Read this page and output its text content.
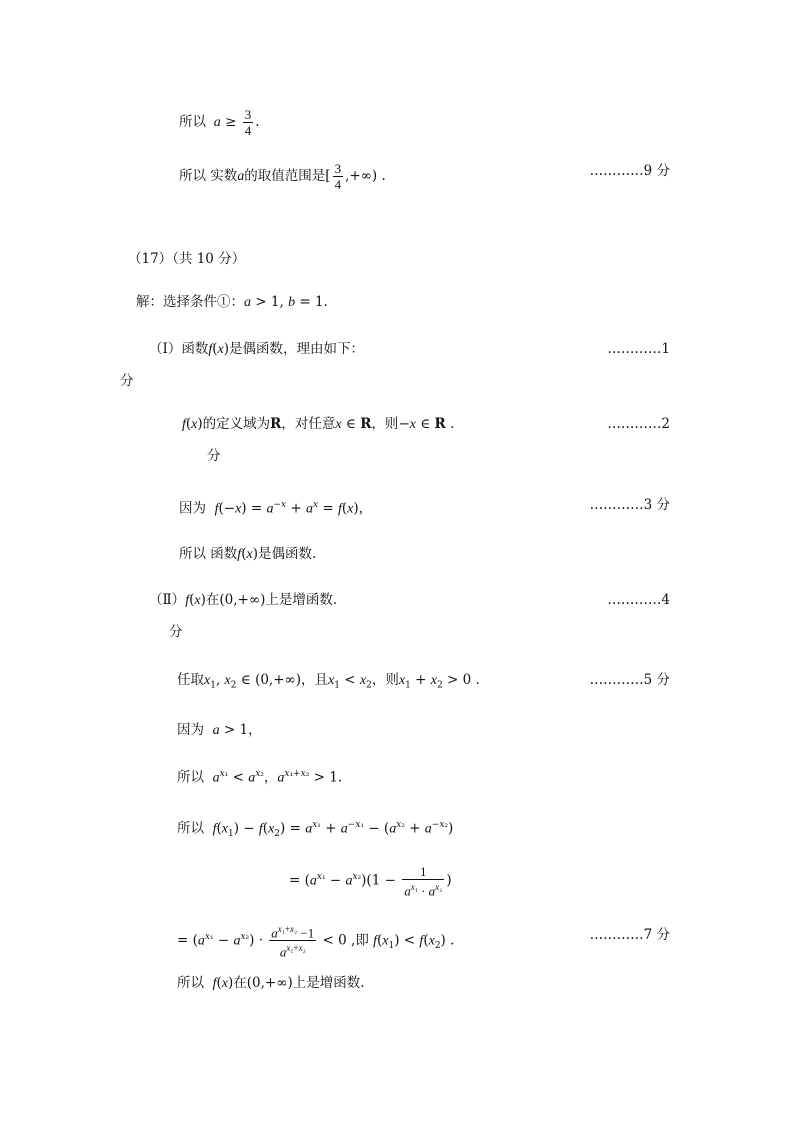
所以  $a \ge \frac{3}{4}$ .
所以 实数a的取值范围是[ $\frac{3}{4}$ ,+∞) .	…………9 分
（17）（共 10 分）
解：选择条件①：a > 1, b = 1.
（Ⅰ）函数f(x)是偶函数，理由如下：	…………1
分
f(x)的定义域为R，对任意x ∈ R，则−x ∈ R .	…………2
分
因为 $f(-x) = a^{-x} + a^x = f(x)$，	…………3 分
所以 函数f(x)是偶函数.
（Ⅱ）f(x)在(0,+∞)上是增函数.	…………4
分
任取$x_1$, $x_2$ ∈ (0,+∞)，且$x_1 < x_2$，则$x_1 + x_2 > 0$ .	…………5 分
因为 a > 1，
所以 $a^{x_1} < a^{x_2}$，$a^{x_1+x_2} > 1$.
所以 $f(x_1) - f(x_2) = a^{x_1} + a^{-x_1} - (a^{x_2} + a^{-x_2})$
= $(a^{x_1} - a^{x_2})(1 - \frac{1}{a^{x_1} \cdot a^{x_2}}$ )
= $(a^{x_1} - a^{x_2}) \cdot \frac{a^{x_1+x_2} -1}{a^{x_1+x_2}} < 0$ ,即 $f(x_1) < f(x_2)$ .	…………7 分
所以 f(x)在(0,+∞)上是增函数.
